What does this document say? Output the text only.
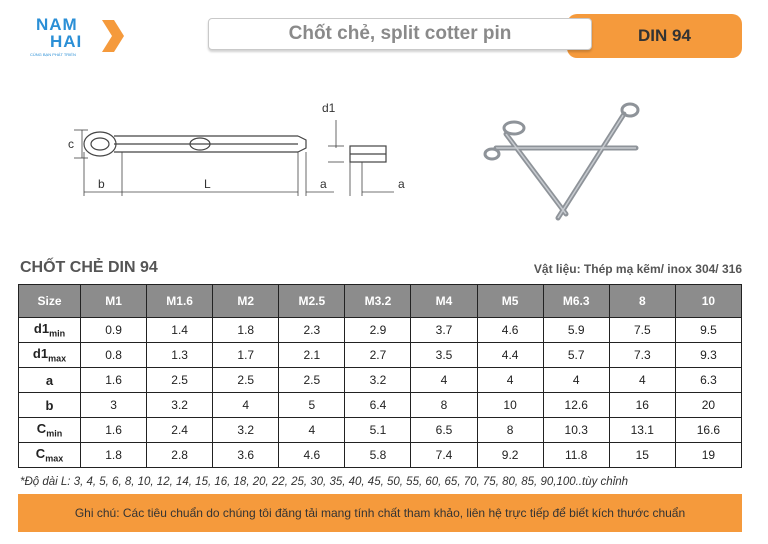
NAM
HAI
CÙNG BẠN PHÁT TRIỂN
DIN 94
Chốt chẻ, split cotter pin
c
b	L
d1
a	a
CHỐT CHẺ DIN 94	Vật liệu: Thép mạ kẽm/ inox 304/ 316
Size	M1	M1.6	M2	M2.5	M3.2	M4	M5	M6.3	8	10
$d1_{min}$	0.9	1.4	1.8	2.3	2.9	3.7	4.6	5.9	7.5	9.5
$d1_{max}$	0.8	1.3	1.7	2.1	2.7	3.5	4.4	5.7	7.3	9.3
a	1.6	2.5	2.5	2.5	3.2	4	4	4	4	6.3
b	3	3.2	4	5	6.4	8	10	12.6	16	20
$C_{min}$	1.6	2.4	3.2	4	5.1	6.5	8	10.3	13.1	16.6
$C_{max}$	1.8	2.8	3.6	4.6	5.8	7.4	9.2	11.8	15	19
*Độ dài L: 3, 4, 5, 6, 8, 10, 12, 14, 15, 16, 18, 20, 22, 25, 30, 35, 40, 45, 50, 55, 60, 65, 70, 75, 80, 85, 90,100..tùy chỉnh
Ghi chú: Các tiêu chuẩn do chúng tôi đăng tải mang tính chất tham khảo, liên hệ trực tiếp để biết kích thước chuẩn
